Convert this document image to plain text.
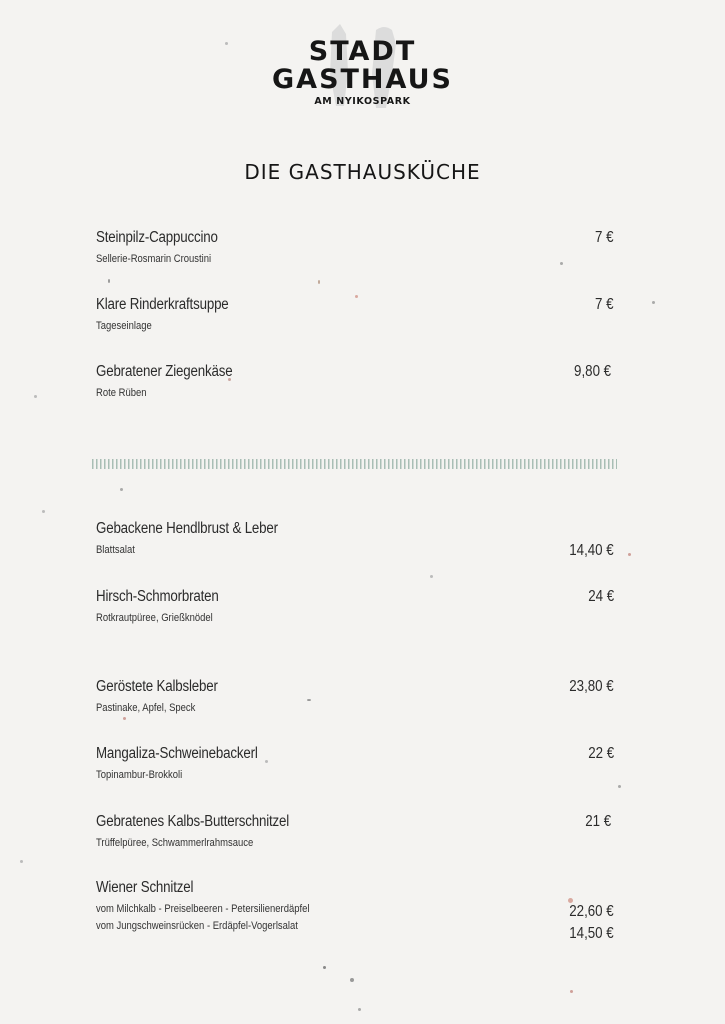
STADT
GASTHAUS
AM NYIKOSPARK
DIE GASTHAUSKÜCHE
Steinpilz-Cappuccino
Sellerie-Rosmarin Croustini
7 €
Klare Rinderkraftsuppe
Tageseinlage
7 €
Gebratener Ziegenkäse
Rote Rüben
9,80 €
Gebackene Hendlbrust & Leber
Blattsalat	14,40 €
Hirsch-Schmorbraten
Rotkrautpüree, Grießknödel
24 €
Geröstete Kalbsleber
Pastinake, Apfel, Speck
23,80 €
Mangaliza-Schweinebackerl
Topinambur-Brokkoli
22 €
Gebratenes Kalbs-Butterschnitzel
Trüffelpüree, Schwammerlrahmsauce
21 €
Wiener Schnitzel
vom Milchkalb - Preiselbeeren - Petersilienerdäpfel
vom Jungschweinsrücken - Erdäpfel-Vogerlsalat
22,60 €
14,50 €
